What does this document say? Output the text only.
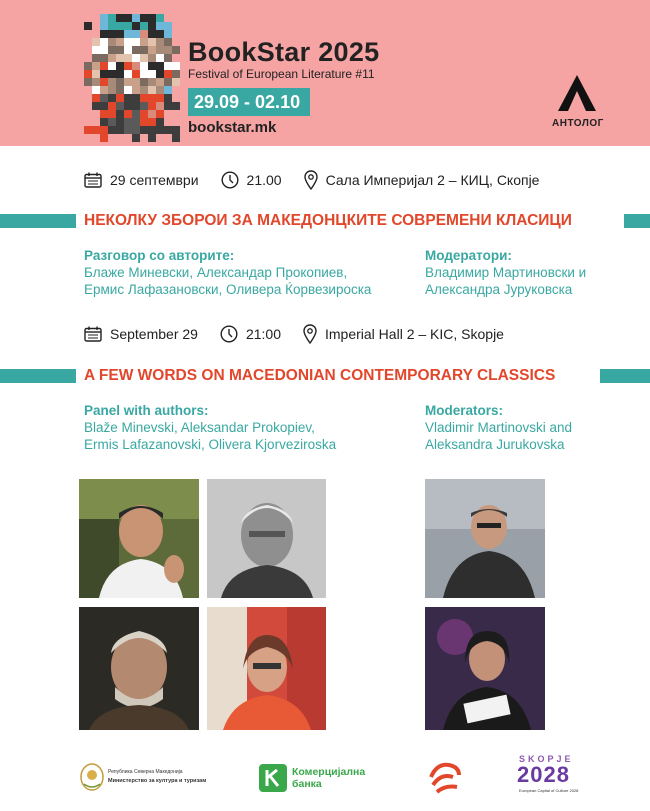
BookStar 2025
Festival of European Literature #11
29.09 - 02.10
bookstar.mk	АНТОЛОГ
29 септември	21.00	Сала Империјал 2 – КИЦ, Скопје
НЕКОЛКУ ЗБОРОИ ЗА МАКЕДОНЦКИТЕ СОВРЕМЕНИ КЛАСИЦИ
Разговор со авторите:
Блаже Миневски, Александар Прокопиев,
Ермис Лафазановски, Оливера Ќорвезироска
Модератори:
Владимир Мартиновски и
Александра Јуруковска
September 29	21:00	Imperial Hall 2 – KIC, Skopje
A FEW WORDS ON MACEDONIAN CONTEMPORARY CLASSICS
Panel with authors:
Blaže Minevski, Aleksandar Prokopiev,
Ermis Lafazanovski, Olivera Kjorveziroska
Moderators:
Vladimir Martinovski and
Aleksandra Jurukovska
Република Северна Македонија
Министерство за култура и туризам
Комерцијална
банка
SKOPJE
2028
European Capital of Culture 2028
